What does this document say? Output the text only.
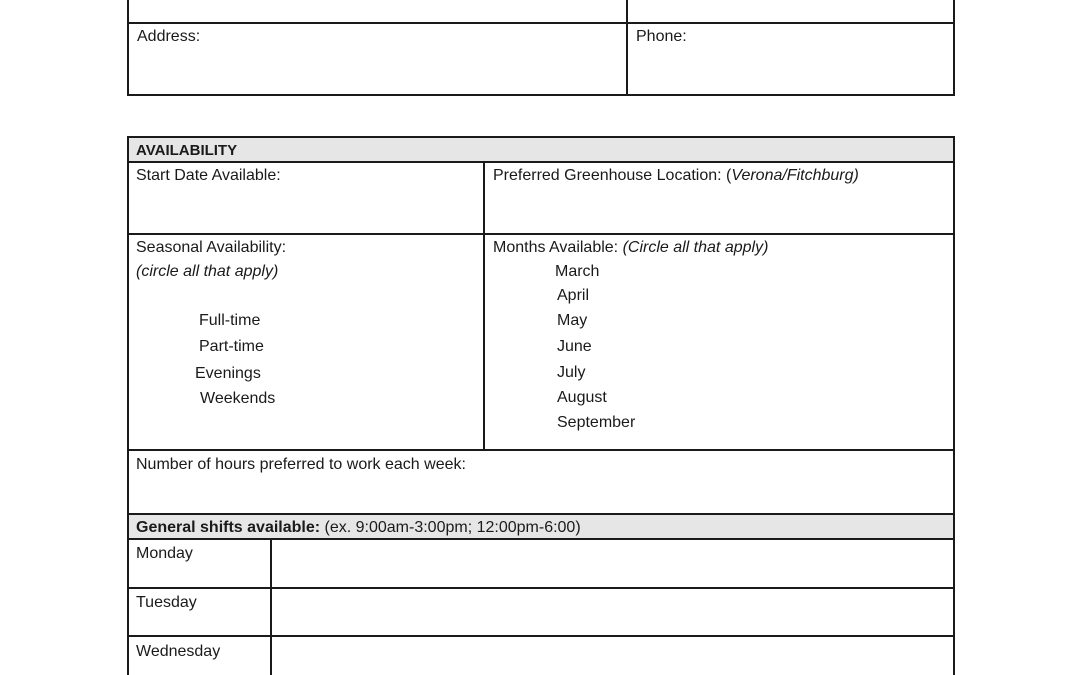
Address:	Phone:
AVAILABILITY
Start Date Available:	Preferred Greenhouse Location: (Verona/Fitchburg)
Seasonal Availability:
(circle all that apply)
Full-time
Part-time
Evenings
Weekends
Months Available: (Circle all that apply)
March
April
May
June
July
August
September
Number of hours preferred to work each week:
General shifts available: (ex. 9:00am-3:00pm; 12:00pm-6:00)
Monday
Tuesday
Wednesday
